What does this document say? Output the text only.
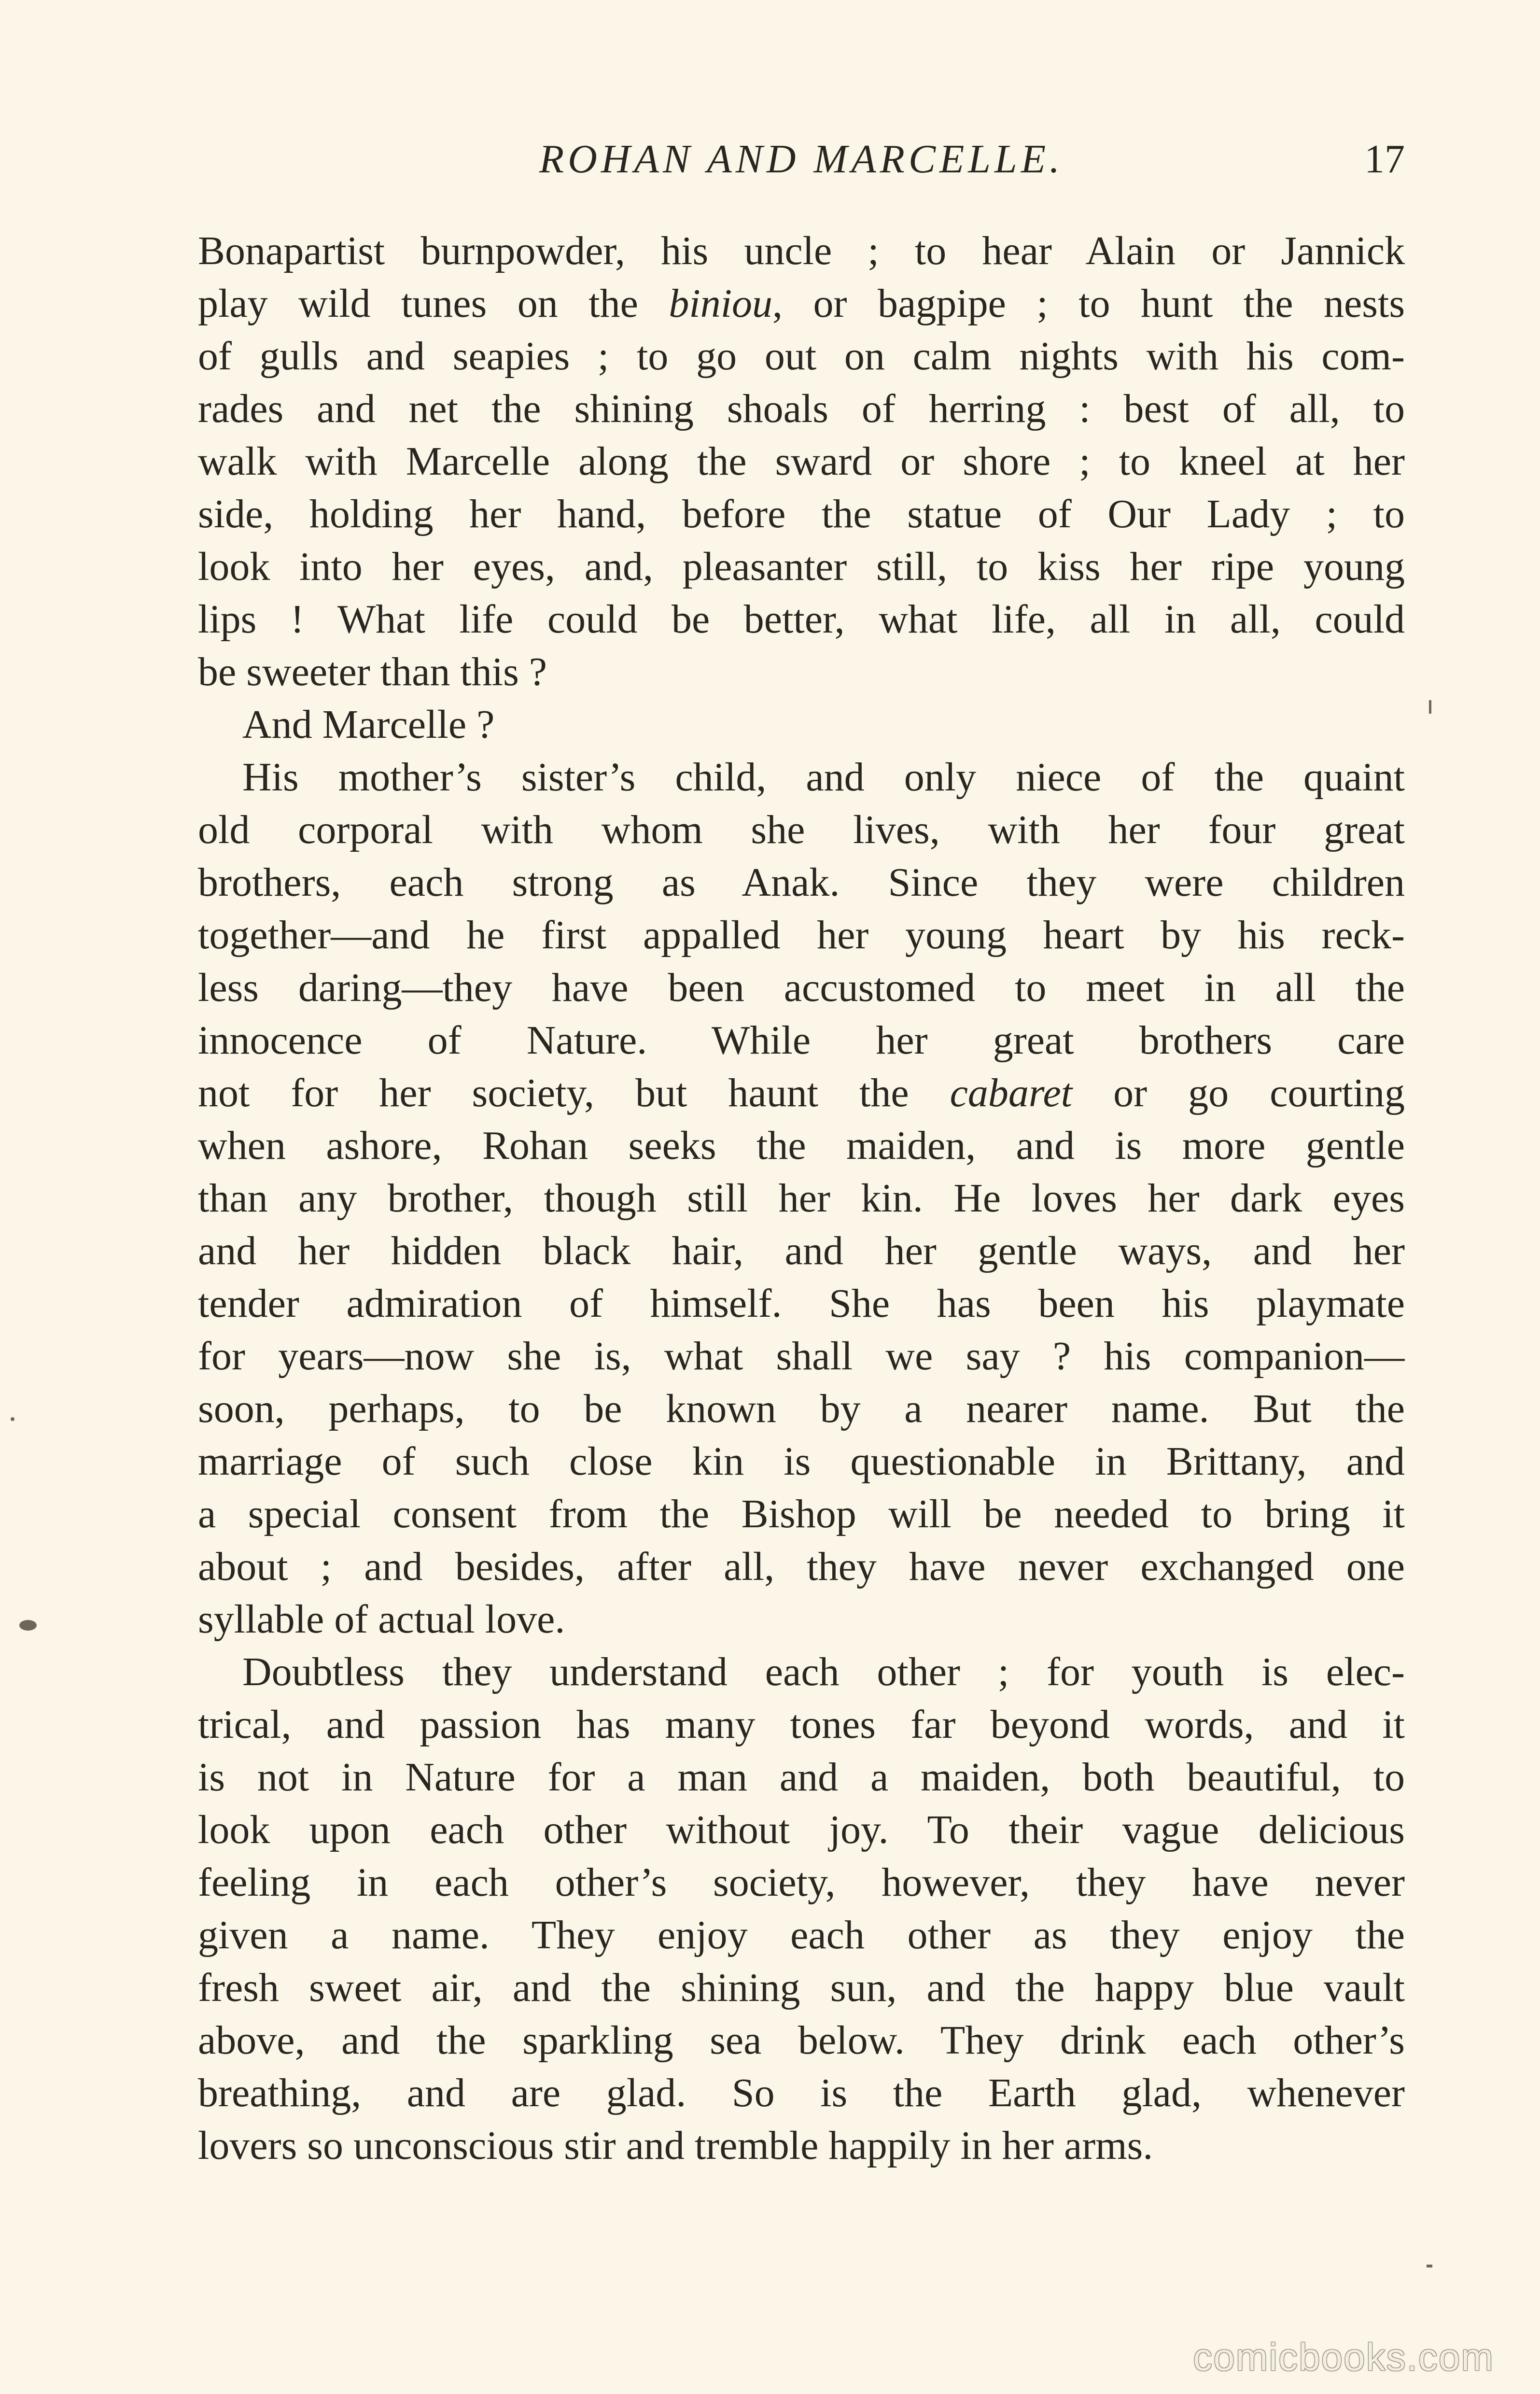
ROHAN AND MARCELLE.	17
Bonapartist burnpowder, his uncle ; to hear Alain or Jannick
play wild tunes on the biniou, or bagpipe ; to hunt the nests
of gulls and seapies ; to go out on calm nights with his com-
rades and net the shining shoals of herring : best of all, to
walk with Marcelle along the sward or shore ; to kneel at her
side, holding her hand, before the statue of Our Lady ; to
look into her eyes, and, pleasanter still, to kiss her ripe young
lips ! What life could be better, what life, all in all, could
be sweeter than this ?
And Marcelle ?
His mother’s sister’s child, and only niece of the quaint
old corporal with whom she lives, with her four great
brothers, each strong as Anak. Since they were children
together—and he first appalled her young heart by his reck-
less daring—they have been accustomed to meet in all the
innocence of Nature. While her great brothers care
not for her society, but haunt the cabaret or go courting
when ashore, Rohan seeks the maiden, and is more gentle
than any brother, though still her kin. He loves her dark eyes
and her hidden black hair, and her gentle ways, and her
tender admiration of himself. She has been his playmate
for years—now she is, what shall we say ? his companion—
soon, perhaps, to be known by a nearer name. But the
marriage of such close kin is questionable in Brittany, and
a special consent from the Bishop will be needed to bring it
about ; and besides, after all, they have never exchanged one
syllable of actual love.
Doubtless they understand each other ; for youth is elec-
trical, and passion has many tones far beyond words, and it
is not in Nature for a man and a maiden, both beautiful, to
look upon each other without joy. To their vague delicious
feeling in each other’s society, however, they have never
given a name. They enjoy each other as they enjoy the
fresh sweet air, and the shining sun, and the happy blue vault
above, and the sparkling sea below. They drink each other’s
breathing, and are glad. So is the Earth glad, whenever
lovers so unconscious stir and tremble happily in her arms.
comicbooks.com
